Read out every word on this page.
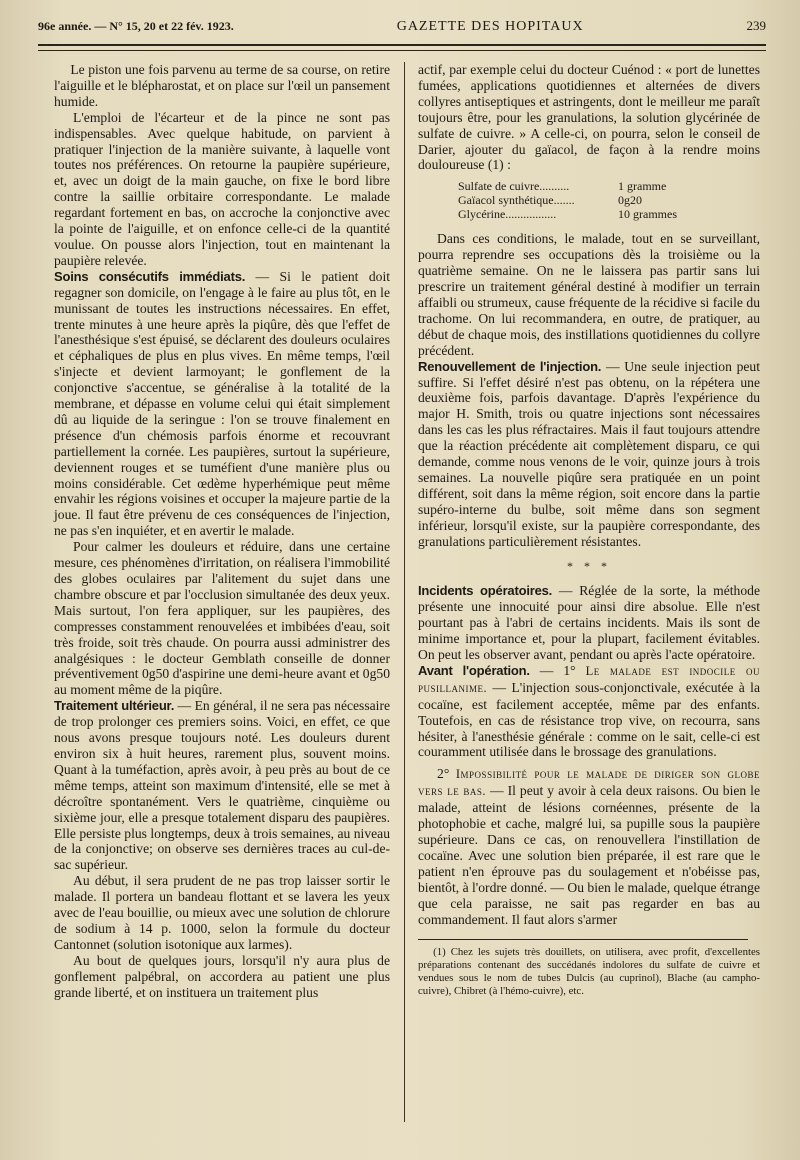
96e année. — N° 15, 20 et 22 fév. 1923.	GAZETTE DES HOPITAUX	239

Le piston une fois parvenu au terme de sa course, on retire l'aiguille et le blépharostat, et on place sur l'œil un pansement humide.

L'emploi de l'écarteur et de la pince ne sont pas indispensables. Avec quelque habitude, on parvient à pratiquer l'injection de la manière suivante, à laquelle vont toutes nos préférences. On retourne la paupière supérieure, et, avec un doigt de la main gauche, on fixe le bord libre contre la saillie orbitaire correspondante. Le malade regardant fortement en bas, on accroche la conjonctive avec la pointe de l'aiguille, et on enfonce celle-ci de la quantité voulue. On pousse alors l'injection, tout en maintenant la paupière relevée.

Soins consécutifs immédiats. — Si le patient doit regagner son domicile, on l'engage à le faire au plus tôt, en le munissant de toutes les instructions nécessaires. En effet, trente minutes à une heure après la piqûre, dès que l'effet de l'anesthésique s'est épuisé, se déclarent des douleurs oculaires et céphaliques de plus en plus vives. En même temps, l'œil s'injecte et devient larmoyant; le gonflement de la conjonctive s'accentue, se généralise à la totalité de la membrane, et dépasse en volume celui qui était simplement dû au liquide de la seringue : l'on se trouve finalement en présence d'un chémosis parfois énorme et recouvrant partiellement la cornée. Les paupières, surtout la supérieure, deviennent rouges et se tuméfient d'une manière plus ou moins considérable. Cet œdème hyperhémique peut même envahir les régions voisines et occuper la majeure partie de la joue. Il faut être prévenu de ces conséquences de l'injection, ne pas s'en inquiéter, et en avertir le malade.

Pour calmer les douleurs et réduire, dans une certaine mesure, ces phénomènes d'irritation, on réalisera l'immobilité des globes oculaires par l'alitement du sujet dans une chambre obscure et par l'occlusion simultanée des deux yeux. Mais surtout, l'on fera appliquer, sur les paupières, des compresses constamment renouvelées et imbibées d'eau, soit très froide, soit très chaude. On pourra aussi administrer des analgésiques : le docteur Gemblath conseille de donner préventivement 0g50 d'aspirine une demi-heure avant et 0g50 au moment même de la piqûre.

Traitement ultérieur. — En général, il ne sera pas nécessaire de trop prolonger ces premiers soins. Voici, en effet, ce que nous avons presque toujours noté. Les douleurs durent environ six à huit heures, rarement plus, souvent moins. Quant à la tuméfaction, après avoir, à peu près au bout de ce même temps, atteint son maximum d'intensité, elle se met à décroître spontanément. Vers le quatrième, cinquième ou sixième jour, elle a presque totalement disparu des paupières. Elle persiste plus longtemps, deux à trois semaines, au niveau de la conjonctive; on observe ses dernières traces au cul-de-sac supérieur.

Au début, il sera prudent de ne pas trop laisser sortir le malade. Il portera un bandeau flottant et se lavera les yeux avec de l'eau bouillie, ou mieux avec une solution de chlorure de sodium à 14 p. 1000, selon la formule du docteur Cantonnet (solution isotonique aux larmes).

Au bout de quelques jours, lorsqu'il n'y aura plus de gonflement palpébral, on accordera au patient une plus grande liberté, et on instituera un traitement plus

actif, par exemple celui du docteur Cuénod : « port de lunettes fumées, applications quotidiennes et alternées de divers collyres antiseptiques et astringents, dont le meilleur me paraît toujours être, pour les granulations, la solution glycérinée de sulfate de cuivre. » A celle-ci, on pourra, selon le conseil de Darier, ajouter du gaïacol, de façon à la rendre moins douloureuse (1) :

Sulfate de cuivre..........	1 gramme
Gaïacol synthétique.......	0g20
Glycérine.................	10 grammes

Dans ces conditions, le malade, tout en se surveillant, pourra reprendre ses occupations dès la troisième ou la quatrième semaine. On ne le laissera pas partir sans lui prescrire un traitement général destiné à modifier un terrain affaibli ou strumeux, cause fréquente de la récidive si facile du trachome. On lui recommandera, en outre, de pratiquer, au début de chaque mois, des instillations quotidiennes du collyre précédent.

Renouvellement de l'injection. — Une seule injection peut suffire. Si l'effet désiré n'est pas obtenu, on la répétera une deuxième fois, parfois davantage. D'après l'expérience du major H. Smith, trois ou quatre injections sont nécessaires dans les cas les plus réfractaires. Mais il faut toujours attendre que la réaction précédente ait complètement disparu, ce qui demande, comme nous venons de le voir, quinze jours à trois semaines. La nouvelle piqûre sera pratiquée en un point différent, soit dans la même région, soit encore dans la partie supéro-interne du bulbe, soit même dans son segment inférieur, lorsqu'il existe, sur la paupière correspondante, des granulations particulièrement résistantes.

* * *

Incidents opératoires. — Réglée de la sorte, la méthode présente une innocuité pour ainsi dire absolue. Elle n'est pourtant pas à l'abri de certains incidents. Mais ils sont de minime importance et, pour la plupart, facilement évitables. On peut les observer avant, pendant ou après l'acte opératoire.

Avant l'opération. — 1° Le malade est indocile ou pusillanime. — L'injection sous-conjonctivale, exécutée à la cocaïne, est facilement acceptée, même par des enfants. Toutefois, en cas de résistance trop vive, on recourra, sans hésiter, à l'anesthésie générale : comme on le sait, celle-ci est couramment utilisée dans le brossage des granulations.

2° Impossibilité pour le malade de diriger son globe vers le bas. — Il peut y avoir à cela deux raisons. Ou bien le malade, atteint de lésions cornéennes, présente de la photophobie et cache, malgré lui, sa pupille sous la paupière supérieure. Dans ce cas, on renouvellera l'instillation de cocaïne. Avec une solution bien préparée, il est rare que le patient n'en éprouve pas du soulagement et n'obéisse pas, bientôt, à l'ordre donné. — Ou bien le malade, quelque étrange que cela paraisse, ne sait pas regarder en bas au commandement. Il faut alors s'armer

(1) Chez les sujets très douillets, on utilisera, avec profit, d'excellentes préparations contenant des succédanés indolores du sulfate de cuivre et vendues sous le nom de tubes Dulcis (au cuprinol), Blache (au campho-cuivre), Chibret (à l'hémo-cuivre), etc.
